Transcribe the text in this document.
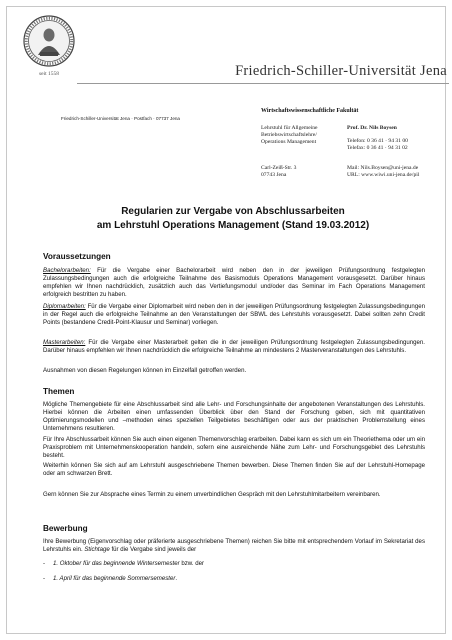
seit 1558	Friedrich-Schiller-Universität Jena
Friedrich-Schiller-Universität Jena · Postfach · 07737 Jena
Wirtschaftswissenschaftliche Fakultät
Lehrstuhl für Allgemeine
Betriebswirtschaftslehre/
Operations Management
Carl-Zeiß-Str. 3
07743 Jena
Prof. Dr. Nils Boysen
Telefon: 0 36 41 · 94 31 00
Telefax: 0 36 41 · 94 31 02
Mail: Nils.Boysen@uni-jena.de
URL: www.wiwi.uni-jena.de/pil
Regularien zur Vergabe von Abschlussarbeiten
am Lehrstuhl Operations Management (Stand 19.03.2012)
Voraussetzungen

Bachelorarbeiten: Für die Vergabe einer Bachelorarbeit wird neben den in der jeweiligen Prüfungsordnung festgelegten Zulassungsbedingungen auch die erfolgreiche Teilnahme des Basismoduls Operations Management vorausgesetzt. Darüber hinaus empfehlen wir Ihnen nachdrücklich, zusätzlich auch das Vertiefungsmodul und/oder das Seminar im Fach Operations Management erfolgreich bestritten zu haben.

Diplomarbeiten: Für die Vergabe einer Diplomarbeit wird neben den in der jeweiligen Prüfungsordnung festgelegten Zulassungsbedingungen in der Regel auch die erfolgreiche Teilnahme an den Veranstaltungen der SBWL des Lehrstuhls vorausgesetzt. Dabei sollten zehn Credit Points (bestandene Credit-Point-Klausur und Seminar) vorliegen.

Masterarbeiten: Für die Vergabe einer Masterarbeit gelten die in der jeweiligen Prüfungsordnung festgelegten Zulassungsbedingungen. Darüber hinaus empfehlen wir Ihnen nachdrücklich die erfolgreiche Teilnahme an mindestens 2 Masterveranstaltungen des Lehrstuhls.

Ausnahmen von diesen Regelungen können im Einzelfall getroffen werden.

Themen

Mögliche Themengebiete für eine Abschlussarbeit sind alle Lehr- und Forschungsinhalte der angebotenen Veranstaltungen des Lehrstuhls. Hierbei können die Arbeiten einen umfassenden Überblick über den Stand der Forschung geben, sich mit quantitativen Optimierungsmodellen und –methoden eines speziellen Teilgebietes beschäftigen oder aus der praktischen Problemstellung eines Unternehmens resultieren.

Für Ihre Abschlussarbeit können Sie auch einen eigenen Themenvorschlag erarbeiten. Dabei kann es sich um ein Theoriethema oder um ein Praxisproblem mit Unternehmenskooperation handeln, sofern eine ausreichende Nähe zum Lehr- und Forschungsgebiet des Lehrstuhls besteht.

Weiterhin können Sie sich auf am Lehrstuhl ausgeschriebene Themen bewerben. Diese Themen finden Sie auf der Lehrstuhl-Homepage oder am schwarzen Brett.

Gern können Sie zur Absprache eines Termin zu einem unverbindlichen Gespräch mit den Lehrstuhlmitarbeitern vereinbaren.

Bewerbung

Ihre Bewerbung (Eigenvorschlag oder präferierte ausgeschriebene Themen) reichen Sie bitte mit entsprechendem Vorlauf im Sekretariat des Lehrstuhls ein. Stichtage für die Vergabe sind jeweils der

- 1. Oktober für das beginnende Wintersemester bzw. der
- 1. April für das beginnende Sommersemester.
